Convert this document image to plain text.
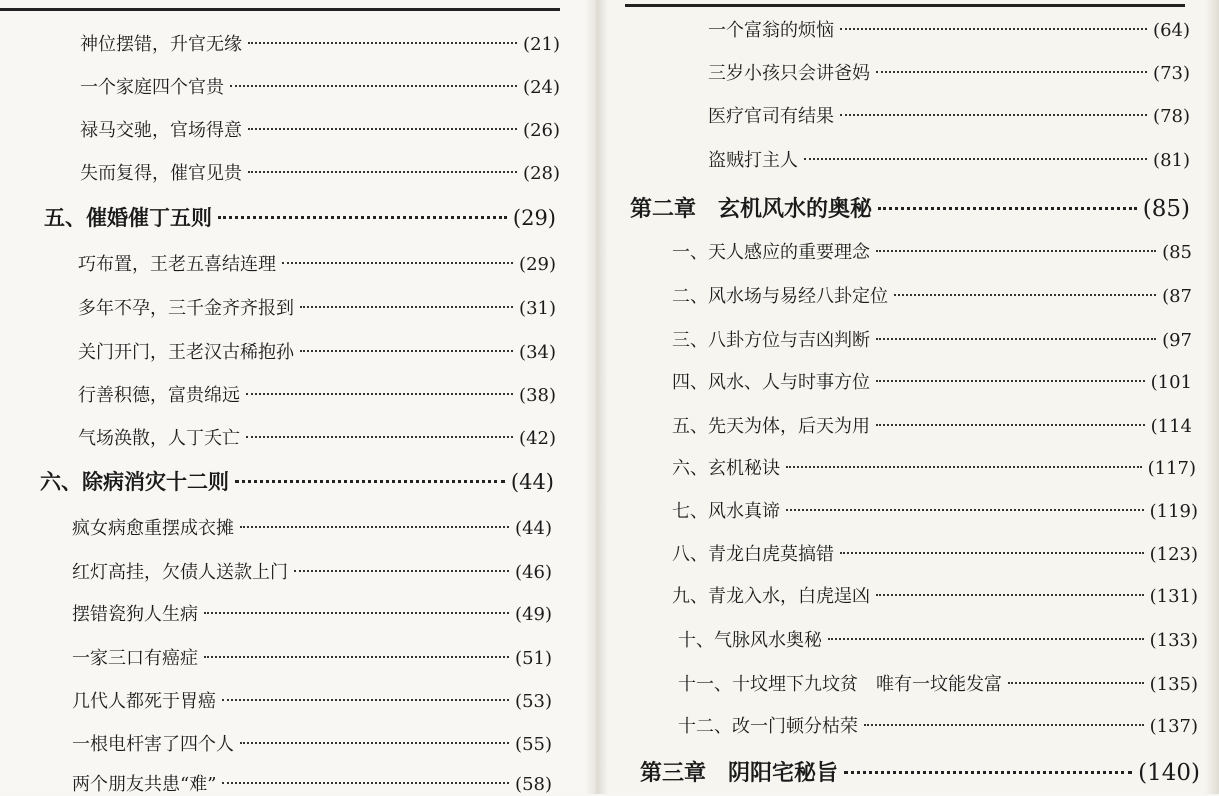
神位摆错，升官无缘	(21)
一个家庭四个官贵	(24)
禄马交驰，官场得意	(26)
失而复得，催官见贵	(28)
五、催婚催丁五则	(29)
巧布置，王老五喜结连理	(29)
多年不孕，三千金齐齐报到	(31)
关门开门，王老汉古稀抱孙	(34)
行善积德，富贵绵远	(38)
气场涣散，人丁夭亡	(42)
六、除病消灾十二则	(44)
疯女病愈重摆成衣摊	(44)
红灯高挂，欠债人送款上门	(46)
摆错瓷狗人生病	(49)
一家三口有癌症	(51)
几代人都死于胃癌	(53)
一根电杆害了四个人	(55)
两个朋友共患“难”	(58)
一个富翁的烦恼	(64)
三岁小孩只会讲爸妈	(73)
医疗官司有结果	(78)
盗贼打主人	(81)
第二章　玄机风水的奥秘	(85)
一、天人感应的重要理念	(85
二、风水场与易经八卦定位	(87
三、八卦方位与吉凶判断	(97
四、风水、人与时事方位	(101
五、先天为体，后天为用	(114
六、玄机秘诀	(117)
七、风水真谛	(119)
八、青龙白虎莫搞错	(123)
九、青龙入水，白虎逞凶	(131)
十、气脉风水奥秘	(133)
十一、十坟埋下九坟贫　唯有一坟能发富	(135)
十二、改一门顿分枯荣	(137)
第三章　阴阳宅秘旨	(140)
